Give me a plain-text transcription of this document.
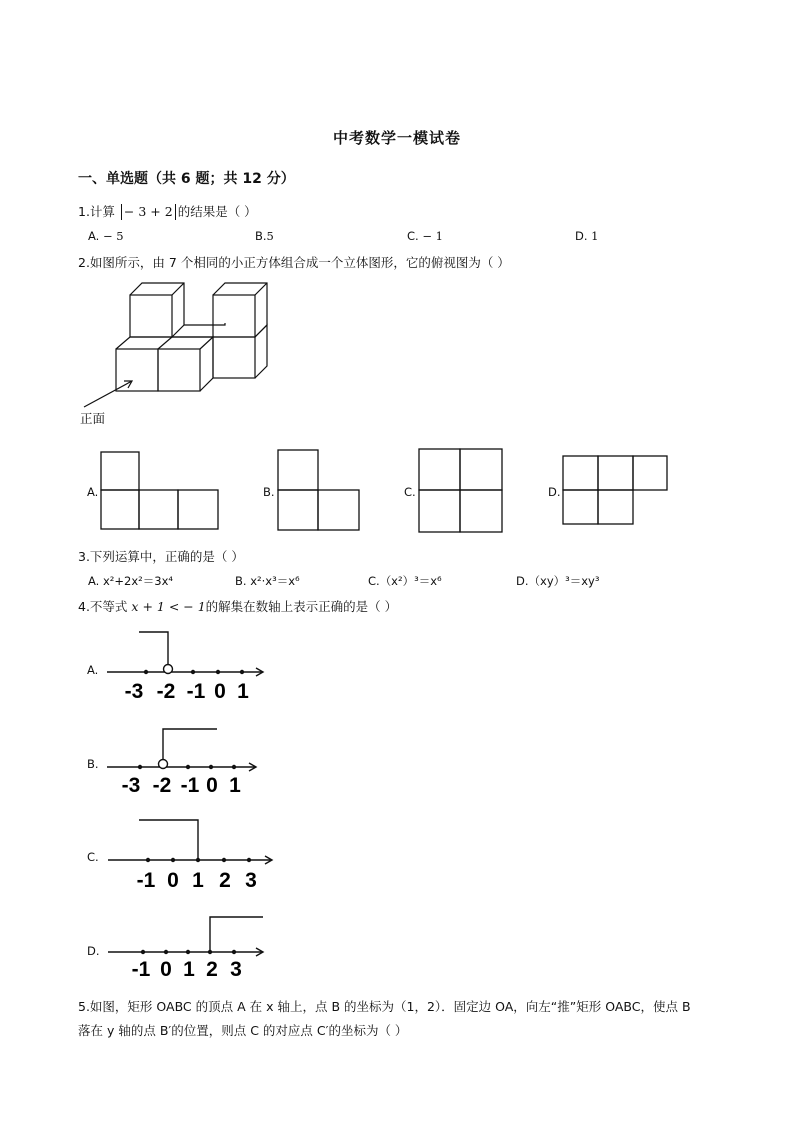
中考数学一模试卷
一、单选题（共 6 题；共 12 分）
1.计算 − 3 + 2 的结果是（ ）
A. − 5	B.5	C. − 1	D. 1
2.如图所示，由 7 个相同的小正方体组合成一个立体图形，它的俯视图为（ ）
正面
A.	B.	C.	D.
3.下列运算中，正确的是（ ）
A. x²+2x²＝3x⁴	B. x²·x³＝x⁶	C.（x²）³＝x⁶	D.（xy）³＝xy³
4.不等式 x + 1 < − 1的解集在数轴上表示正确的是（ ）
A.
B.
C.
D.
-3 -2 -1 0 1
-3 -2 -1 0 1
-1 0 1 2 3
-1 0 1 2 3
5.如图，矩形 OABC 的顶点 A 在 x 轴上，点 B 的坐标为（1，2）．固定边 OA，向左“推”矩形 OABC，使点 B
落在 y 轴的点 B′的位置，则点 C 的对应点 C′的坐标为（ ）
